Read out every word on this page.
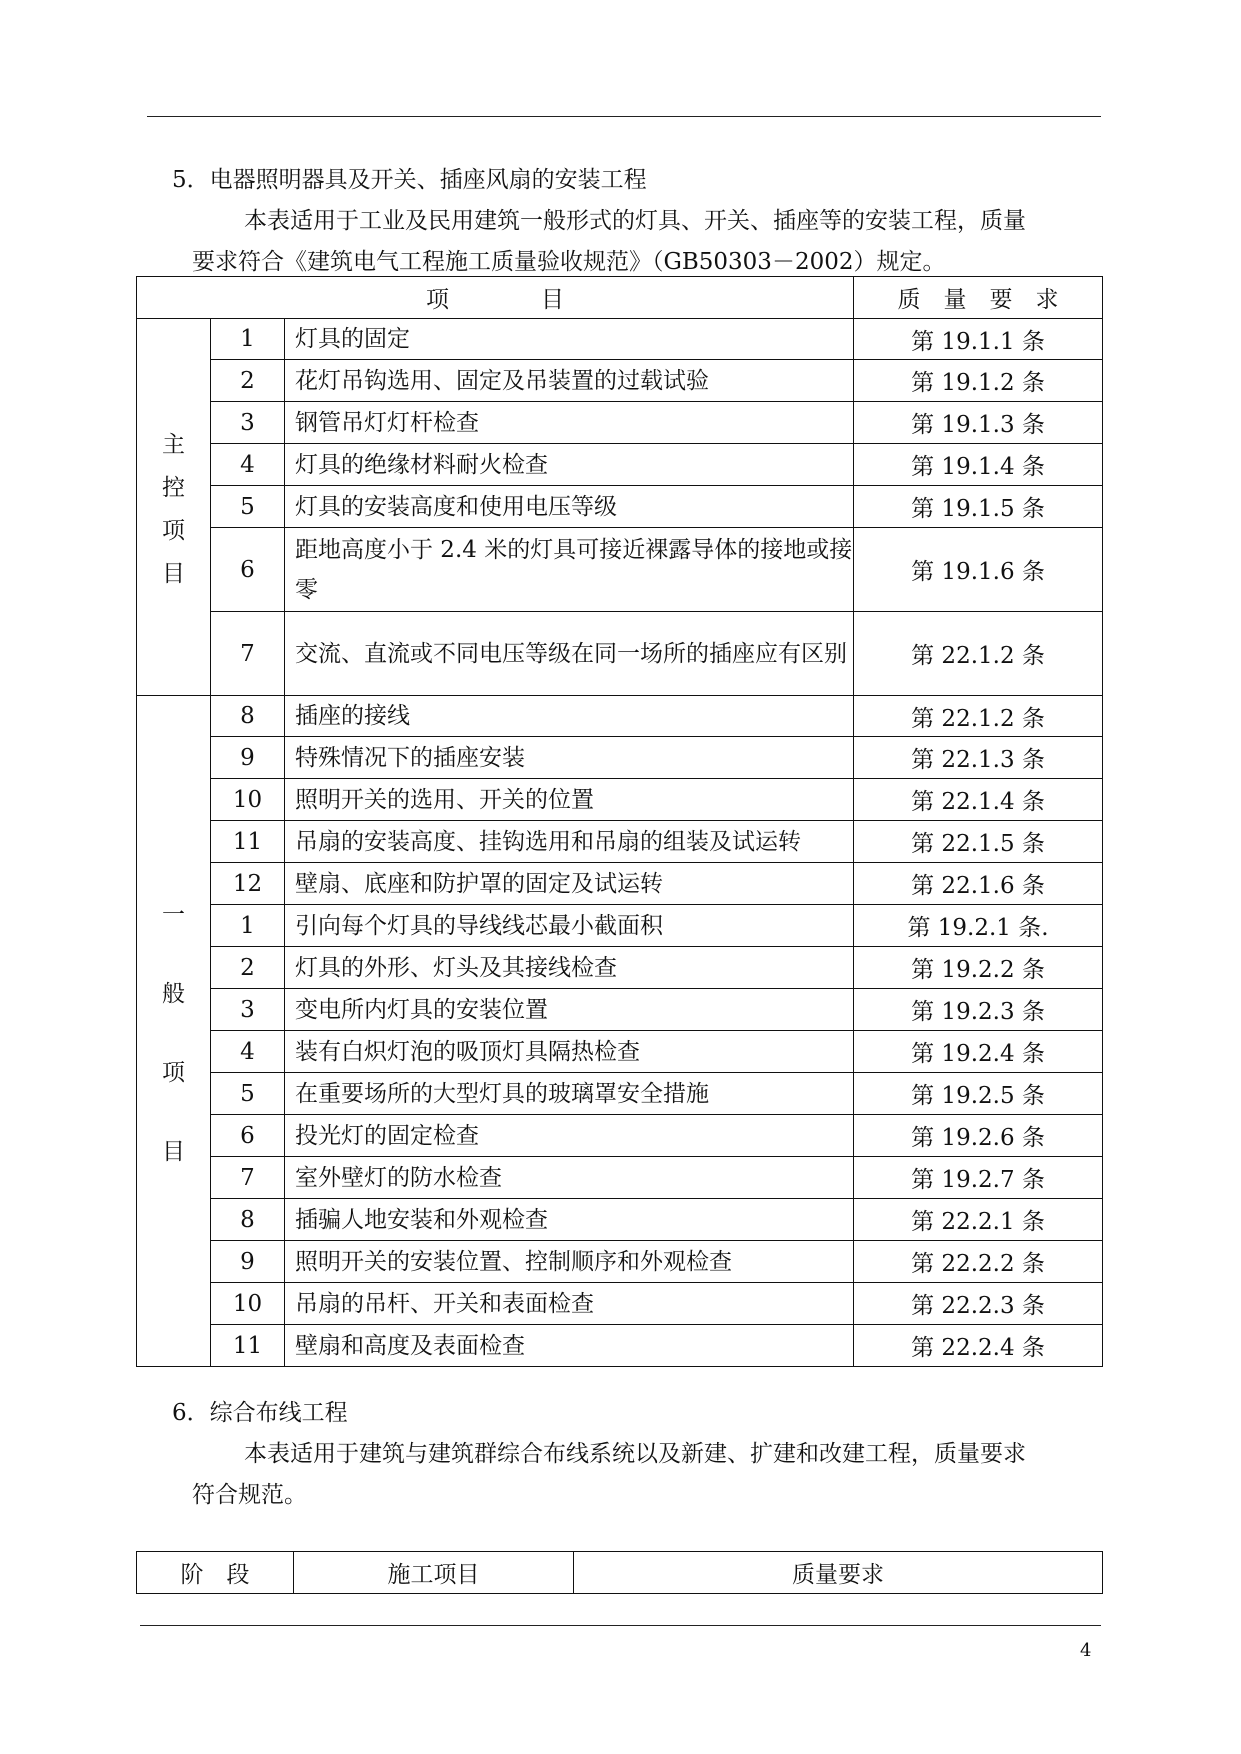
5．电器照明器具及开关、插座风扇的安装工程
本表适用于工业及民用建筑一般形式的灯具、开关、插座等的安装工程，质量
要求符合《建筑电气工程施工质量验收规范》（GB50303－2002）规定。
项　　　　目			质　量　要　求

主
控
项
目	1	灯具的固定	第 19.1.1 条
	2	花灯吊钩选用、固定及吊装置的过载试验	第 19.1.2 条
	3	钢管吊灯灯杆检查	第 19.1.3 条
	4	灯具的绝缘材料耐火检查	第 19.1.4 条
	5	灯具的安装高度和使用电压等级	第 19.1.5 条
	6	距地高度小于 2.4 米的灯具可接近裸露导体的接地或接零	第 19.1.6 条
	7	交流、直流或不同电压等级在同一场所的插座应有区别	第 22.1.2 条

一
般
项
目	8	插座的接线	第 22.1.2 条
	9	特殊情况下的插座安装	第 22.1.3 条
	10	照明开关的选用、开关的位置	第 22.1.4 条
	11	吊扇的安装高度、挂钩选用和吊扇的组装及试运转	第 22.1.5 条
	12	壁扇、底座和防护罩的固定及试运转	第 22.1.6 条
	1	引向每个灯具的导线线芯最小截面积	第 19.2.1 条.
	2	灯具的外形、灯头及其接线检查	第 19.2.2 条
	3	变电所内灯具的安装位置	第 19.2.3 条
	4	装有白炽灯泡的吸顶灯具隔热检查	第 19.2.4 条
	5	在重要场所的大型灯具的玻璃罩安全措施	第 19.2.5 条
	6	投光灯的固定检查	第 19.2.6 条
	7	室外壁灯的防水检查	第 19.2.7 条
	8	插骗人地安装和外观检查	第 22.2.1 条
	9	照明开关的安装位置、控制顺序和外观检查	第 22.2.2 条
	10	吊扇的吊杆、开关和表面检查	第 22.2.3 条
	11	壁扇和高度及表面检查	第 22.2.4 条
6．综合布线工程
本表适用于建筑与建筑群综合布线系统以及新建、扩建和改建工程，质量要求
符合规范。
阶　段	施工项目	质量要求
4
